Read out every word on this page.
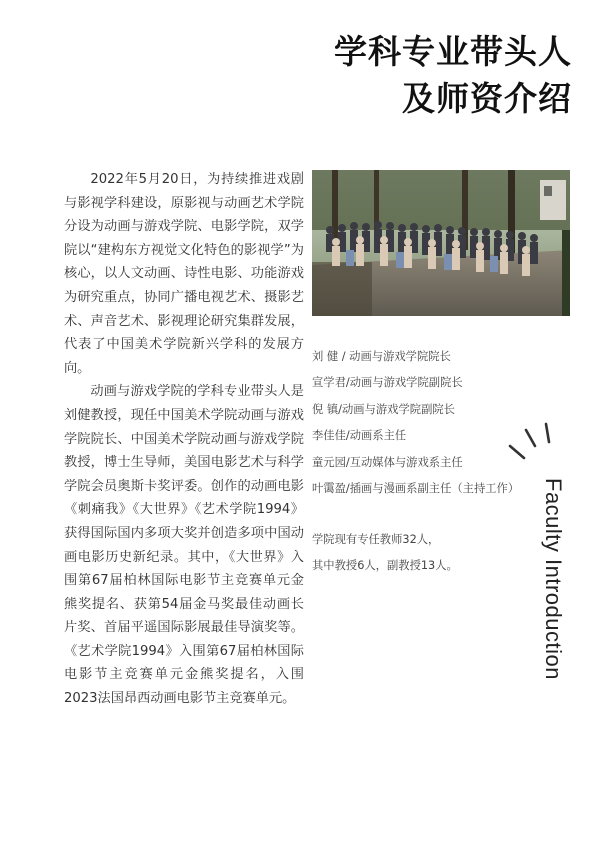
学科专业带头人
及师资介绍

2022年5月20日，为持续推进戏剧与影视学科建设，原影视与动画艺术学院分设为动画与游戏学院、电影学院，双学院以“建构东方视觉文化特色的影视学”为核心，以人文动画、诗性电影、功能游戏为研究重点，协同广播电视艺术、摄影艺术、声音艺术、影视理论研究集群发展，代表了中国美术学院新兴学科的发展方向。

动画与游戏学院的学科专业带头人是刘健教授，现任中国美术学院动画与游戏学院院长、中国美术学院动画与游戏学院教授，博士生导师，美国电影艺术与科学学院会员奥斯卡奖评委。创作的动画电影《刺痛我》《大世界》《艺术学院1994》获得国际国内多项大奖并创造多项中国动画电影历史新纪录。其中，《大世界》入围第67届柏林国际电影节主竞赛单元金熊奖提名、获第54届金马奖最佳动画长片奖、首届平遥国际影展最佳导演奖等。《艺术学院1994》入围第67届柏林国际电影节主竞赛单元金熊奖提名，入围2023法国昂西动画电影节主竞赛单元。

刘 健 / 动画与游戏学院院长
宣学君/动画与游戏学院副院长
倪 镇/动画与游戏学院副院长
李佳佳/动画系主任
童元园/互动媒体与游戏系主任
叶霭盈/插画与漫画系副主任（主持工作）
学院现有专任教师32人，
其中教授6人，副教授13人。	Faculty Introduction
